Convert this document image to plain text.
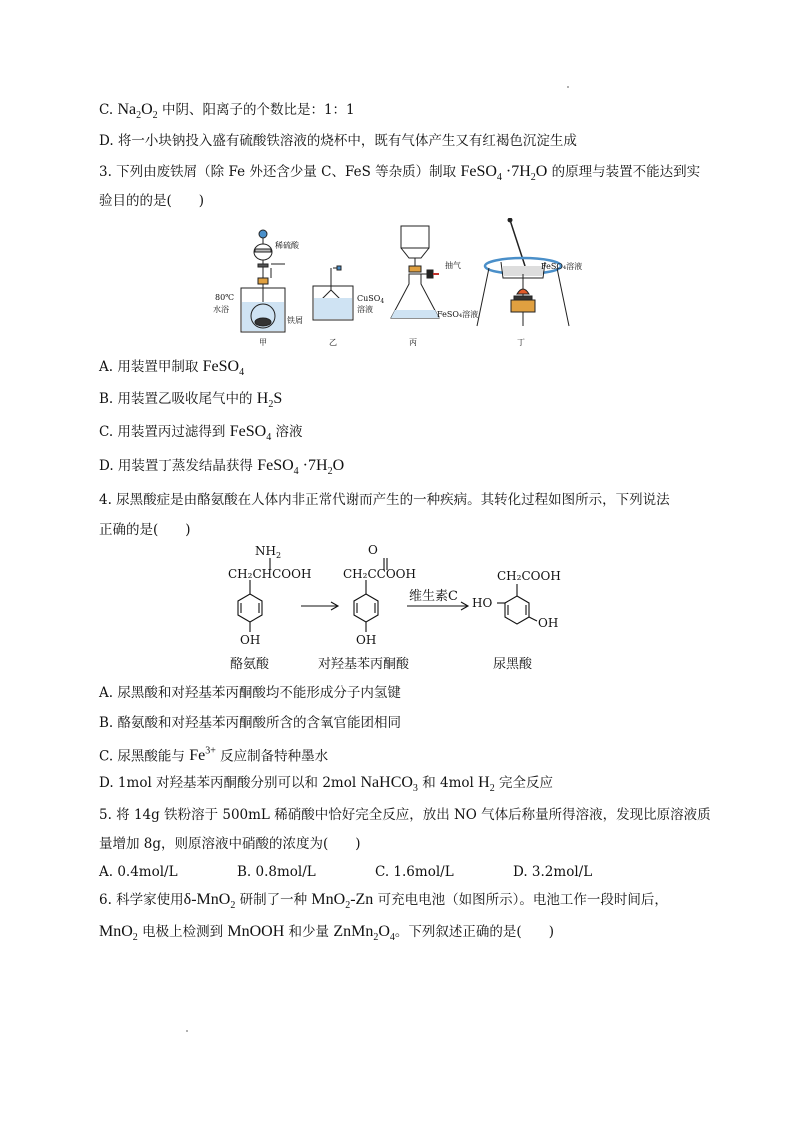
C. $Na_2O_2$ 中阴、阳离子的个数比是：1：1
D. 将一小块钠投入盛有硫酸铁溶液的烧杯中，既有气体产生又有红褐色沉淀生成
3. 下列由废铁屑（除 Fe 外还含少量 C、FeS 等杂质）制取 FeSO$_4$ $\cdot 7H_2O$ 的原理与装置不能达到实
验目的的是(　　)
稀硫酸
80℃
水浴
铁屑
CuSO$_4$
溶液
抽气
FeSO₄溶液
FeSO₄溶液
甲	乙	丙	丁
A. 用装置甲制取 FeSO$_4$
B. 用装置乙吸收尾气中的 $H_2S$
C. 用装置丙过滤得到 FeSO$_4$ 溶液
D. 用装置丁蒸发结晶获得 FeSO$_4$ $\cdot 7H_2O$
4. 尿黑酸症是由酪氨酸在人体内非正常代谢而产生的一种疾病。其转化过程如图所示，下列说法
正确的是(　　)
$NH_2$
CH₂CHCOOH
OH
O
CH₂CCOOH
OH
维生素C
CH₂COOH
HO
OH
酪氨酸	对羟基苯丙酮酸	尿黑酸
A. 尿黑酸和对羟基苯丙酮酸均不能形成分子内氢键
B. 酪氨酸和对羟基苯丙酮酸所含的含氧官能团相同
C. 尿黑酸能与 $Fe^{3+}$ 反应制备特种墨水
D. 1mol 对羟基苯丙酮酸分别可以和 2mol NaHCO$_3$ 和 4mol $H_2$ 完全反应
5. 将 14g 铁粉溶于 500mL 稀硝酸中恰好完全反应，放出 NO 气体后称量所得溶液，发现比原溶液质
量增加 8g，则原溶液中硝酸的浓度为(　　)
A. 0.4mol/L	B. 0.8mol/L	C. 1.6mol/L	D. 3.2mol/L
6. 科学家使用δ-MnO$_2$ 研制了一种 MnO$_2$-Zn 可充电电池（如图所示）。电池工作一段时间后，
MnO$_2$ 电极上检测到 MnOOH 和少量 $ZnMn_2O_4$。下列叙述正确的是(　　)
